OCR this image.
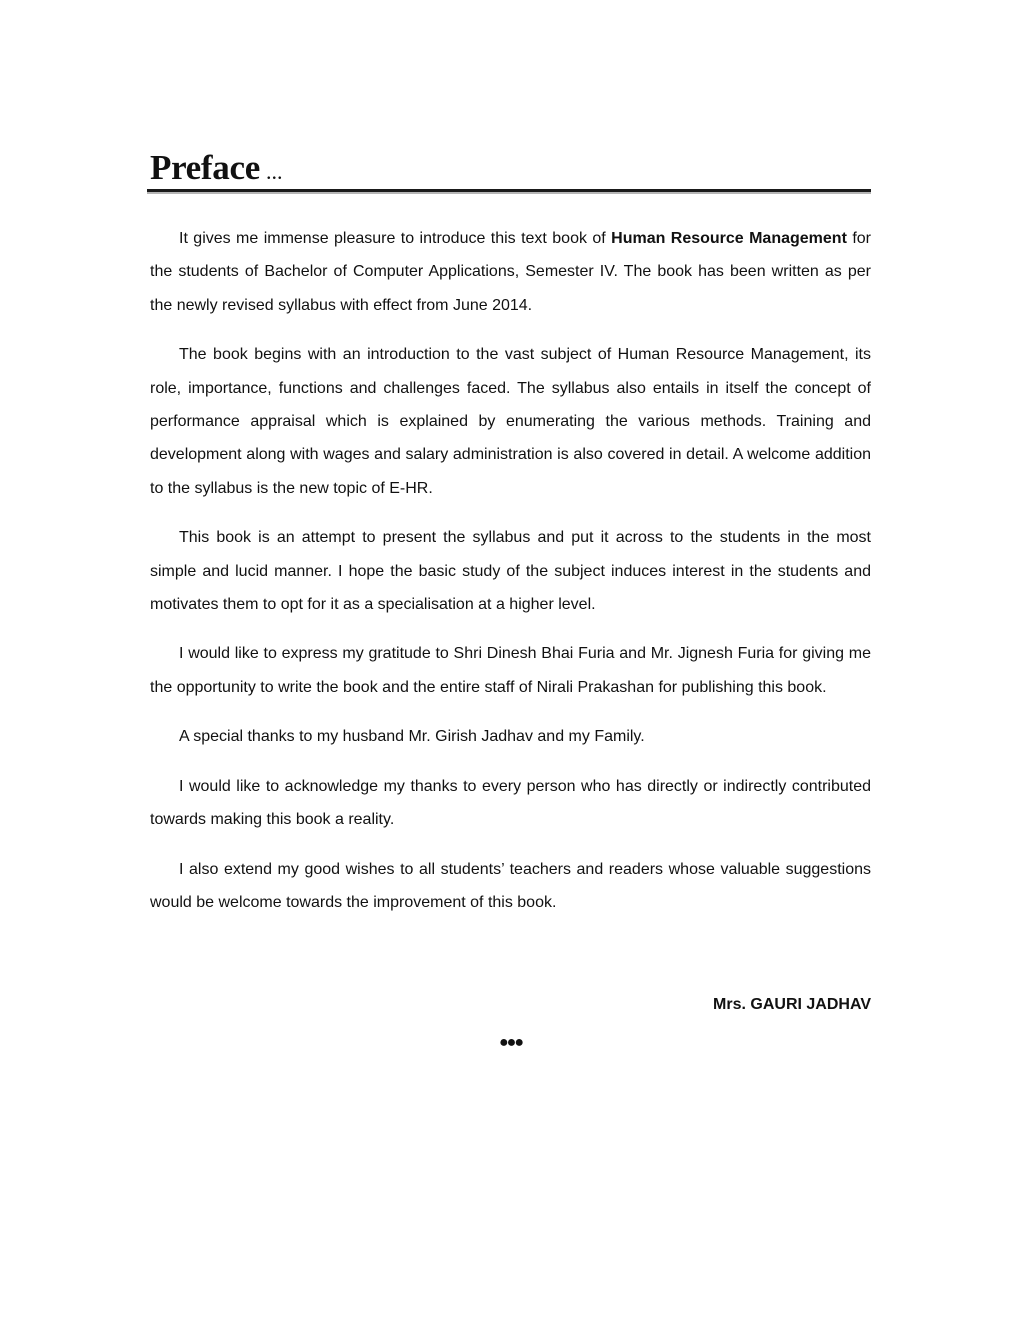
Preface ...

It gives me immense pleasure to introduce this text book of Human Resource Management for the students of Bachelor of Computer Applications, Semester IV. The book has been written as per the newly revised syllabus with effect from June 2014.

The book begins with an introduction to the vast subject of Human Resource Management, its role, importance, functions and challenges faced. The syllabus also entails in itself the concept of performance appraisal which is explained by enumerating the various methods. Training and development along with wages and salary administration is also covered in detail. A welcome addition to the syllabus is the new topic of E-HR.

This book is an attempt to present the syllabus and put it across to the students in the most simple and lucid manner. I hope the basic study of the subject induces interest in the students and motivates them to opt for it as a specialisation at a higher level.

I would like to express my gratitude to Shri Dinesh Bhai Furia and Mr. Jignesh Furia for giving me the opportunity to write the book and the entire staff of Nirali Prakashan for publishing this book.

A special thanks to my husband Mr. Girish Jadhav and my Family.

I would like to acknowledge my thanks to every person who has directly or indirectly contributed towards making this book a reality.

I also extend my good wishes to all students’ teachers and readers whose valuable suggestions would be welcome towards the improvement of this book.

Mrs. GAURI JADHAV
●●●
